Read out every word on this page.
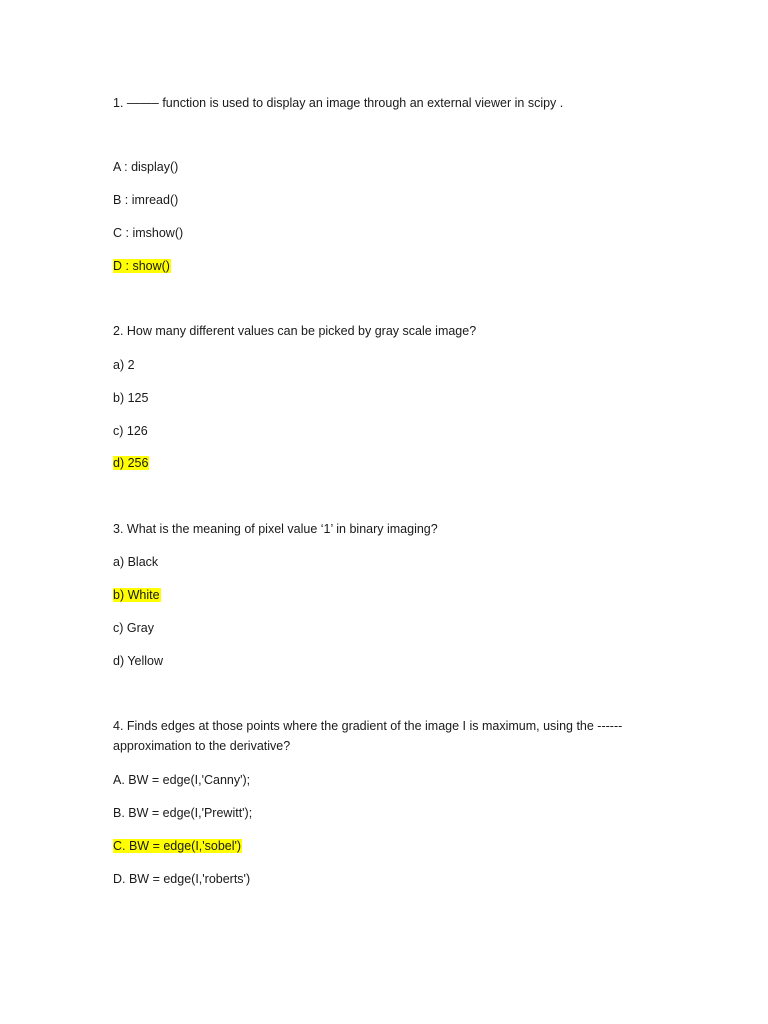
1. ——– function is used to display an image through an external viewer in scipy .
A : display()
B : imread()
C : imshow()
D : show()
2. How many different values can be picked by gray scale image?
a) 2
b) 125
c) 126
d) 256
3. What is the meaning of pixel value ‘1’ in binary imaging?
a) Black
b) White
c) Gray
d) Yellow
4. Finds edges at those points where the gradient of the image I is maximum, using the ------ approximation to the derivative?
A. BW = edge(I,'Canny');
B. BW = edge(I,'Prewitt');
C. BW = edge(I,'sobel')
D. BW = edge(I,'roberts')
